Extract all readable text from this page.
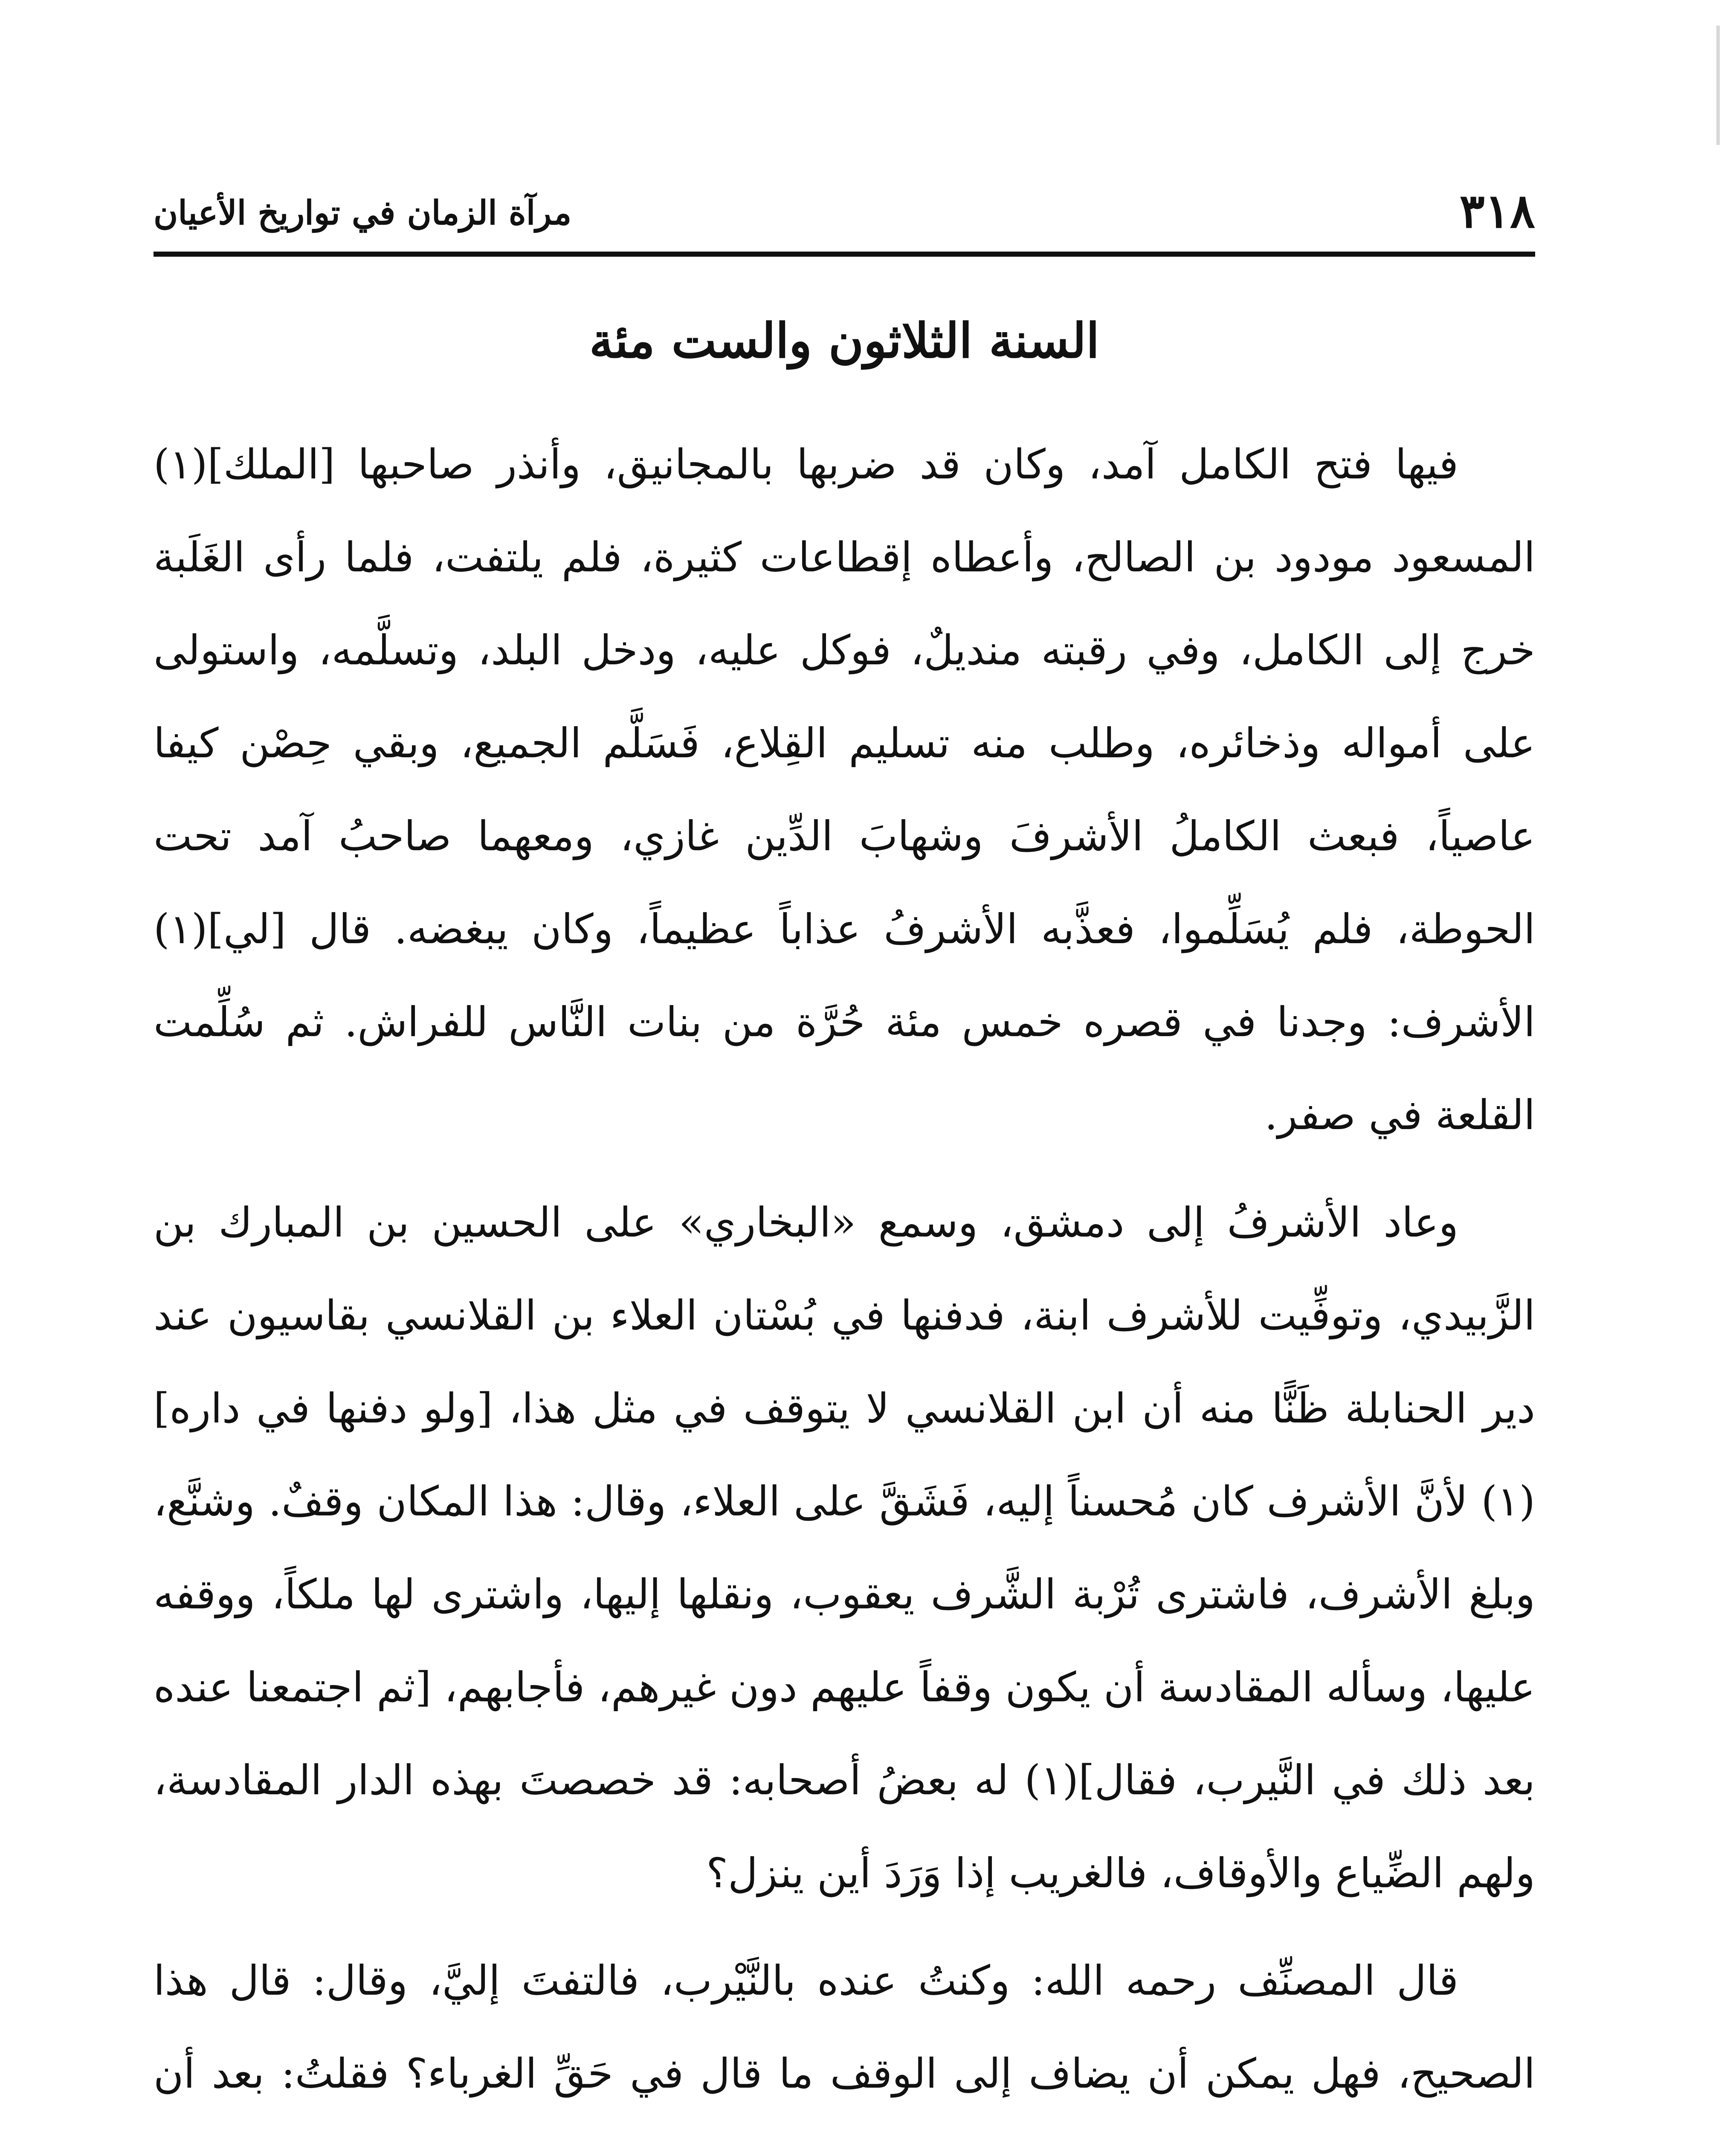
٣١٨
مرآة الزمان في تواريخ الأعيان
السنة الثلاثون والست مئة

فيها فتح الكامل آمد، وكان قد ضربها بالمجانيق، وأنذر صاحبها [الملك](١) المسعود مودود بن الصالح، وأعطاه إقطاعات كثيرة، فلم يلتفت، فلما رأى الغَلَبة خرج إلى الكامل، وفي رقبته منديلٌ، فوكل عليه، ودخل البلد، وتسلَّمه، واستولى على أمواله وذخائره، وطلب منه تسليم القِلاع، فَسَلَّم الجميع، وبقي حِصْن كيفا عاصياً، فبعث الكاملُ الأشرفَ وشهابَ الدِّين غازي، ومعهما صاحبُ آمد تحت الحوطة، فلم يُسَلِّموا، فعذَّبه الأشرفُ عذاباً عظيماً، وكان يبغضه. قال [لي](١) الأشرف: وجدنا في قصره خمس مئة حُرَّة من بنات النَّاس للفراش. ثم سُلِّمت القلعة في صفر.

وعاد الأشرفُ إلى دمشق، وسمع «البخاري» على الحسين بن المبارك بن الزَّبيدي، وتوفِّيت للأشرف ابنة، فدفنها في بُسْتان العلاء بن القلانسي بقاسيون عند دير الحنابلة ظَنًّا منه أن ابن القلانسي لا يتوقف في مثل هذا، [ولو دفنها في داره](١) لأنَّ الأشرف كان مُحسناً إليه، فَشَقَّ على العلاء، وقال: هذا المكان وقفٌ. وشنَّع، وبلغ الأشرف، فاشترى تُرْبة الشَّرف يعقوب، ونقلها إليها، واشترى لها ملكاً، ووقفه عليها، وسأله المقادسة أن يكون وقفاً عليهم دون غيرهم، فأجابهم، [ثم اجتمعنا عنده بعد ذلك في النَّيرب، فقال](١) له بعضُ أصحابه: قد خصصتَ بهذه الدار المقادسة، ولهم الضِّياع والأوقاف، فالغريب إذا وَرَدَ أين ينزل؟

قال المصنِّف رحمه الله: وكنتُ عنده بالنَّيْرب، فالتفتَ إليَّ، وقال: قال هذا الصحيح، فهل يمكن أن يضاف إلى الوقف ما قال في حَقِّ الغرباء؟ فقلتُ: بعد أن
